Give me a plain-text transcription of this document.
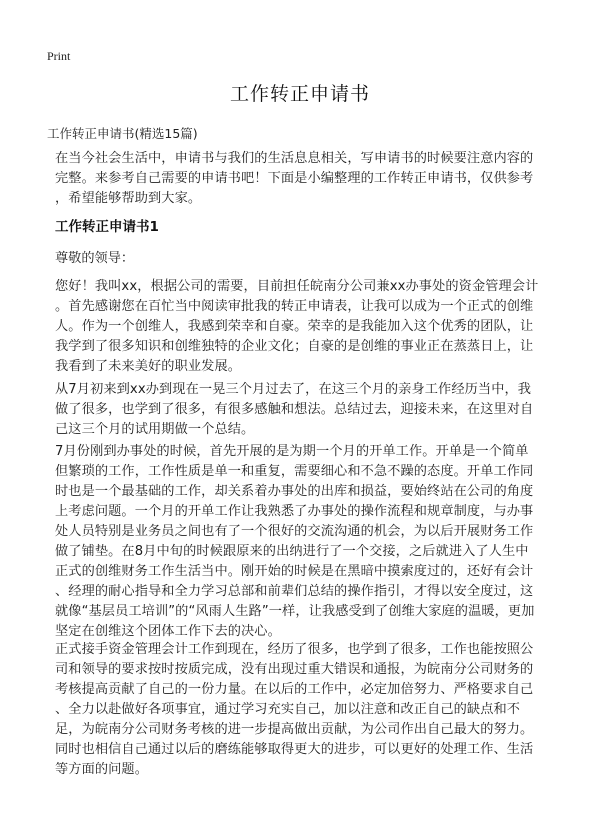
Print
工作转正申请书
工作转正申请书(精选15篇)
在当今社会生活中，申请书与我们的生活息息相关，写申请书的时候要注意内容的
完整。来参考自己需要的申请书吧！下面是小编整理的工作转正申请书，仅供参考
，希望能够帮助到大家。
工作转正申请书1
尊敬的领导：
您好！我叫xx，根据公司的需要，目前担任皖南分公司兼xx办事处的资金管理会计
。首先感谢您在百忙当中阅读审批我的转正申请表，让我可以成为一个正式的创维
人。作为一个创维人，我感到荣幸和自豪。荣幸的是我能加入这个优秀的团队，让
我学到了很多知识和创维独特的企业文化；自豪的是创维的事业正在蒸蒸日上，让
我看到了未来美好的职业发展。
从7月初来到xx办到现在一晃三个月过去了，在这三个月的亲身工作经历当中，我
做了很多，也学到了很多，有很多感触和想法。总结过去，迎接未来，在这里对自
己这三个月的试用期做一个总结。
7月份刚到办事处的时候，首先开展的是为期一个月的开单工作。开单是一个简单
但繁琐的工作，工作性质是单一和重复，需要细心和不急不躁的态度。开单工作同
时也是一个最基础的工作，却关系着办事处的出库和损益，要始终站在公司的角度
上考虑问题。一个月的开单工作让我熟悉了办事处的操作流程和规章制度，与办事
处人员特别是业务员之间也有了一个很好的交流沟通的机会，为以后开展财务工作
做了铺垫。在8月中旬的时候跟原来的出纳进行了一个交接，之后就进入了人生中
正式的创维财务工作生活当中。刚开始的时候是在黑暗中摸索度过的，还好有会计
、经理的耐心指导和全力学习总部和前辈们总结的操作指引，才得以安全度过，这
就像“基层员工培训”的“风雨人生路”一样，让我感受到了创维大家庭的温暖，更加
坚定在创维这个团体工作下去的决心。
正式接手资金管理会计工作到现在，经历了很多，也学到了很多，工作也能按照公
司和领导的要求按时按质完成，没有出现过重大错误和通报，为皖南分公司财务的
考核提高贡献了自己的一份力量。在以后的工作中，必定加倍努力、严格要求自己
、全力以赴做好各项事宜，通过学习充实自己，加以注意和改正自己的缺点和不
足，为皖南分公司财务考核的进一步提高做出贡献，为公司作出自己最大的努力。
同时也相信自己通过以后的磨练能够取得更大的进步，可以更好的处理工作、生活
等方面的问题。
